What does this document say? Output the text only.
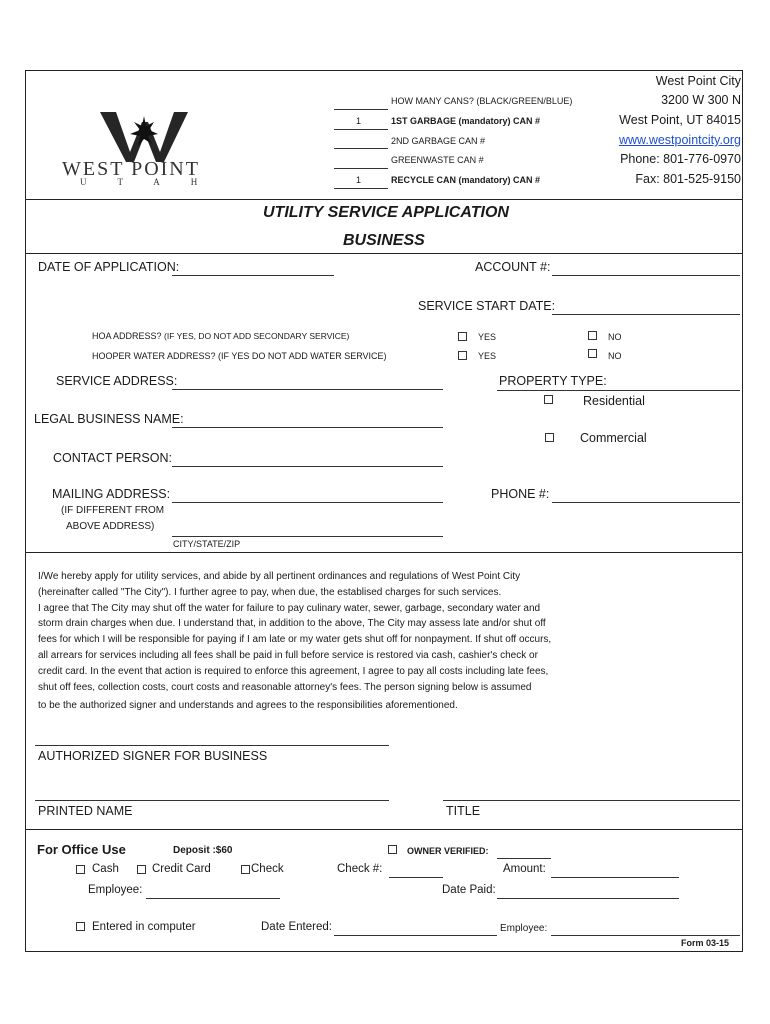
WEST POINT
UTAH
HOW MANY CANS? (BLACK/GREEN/BLUE)
1	1ST GARBAGE (mandatory) CAN #
2ND GARBAGE CAN #
GREENWASTE CAN #
1	RECYCLE CAN (mandatory) CAN #
West Point City
3200 W 300 N
West Point, UT 84015
www.westpointcity.org
Phone: 801-776-0970
Fax: 801-525-9150
UTILITY SERVICE APPLICATION
BUSINESS
DATE OF APPLICATION:	ACCOUNT #:
SERVICE START DATE:
HOA ADDRESS? (IF YES, DO NOT ADD SECONDARY SERVICE)	YES	NO
HOOPER WATER ADDRESS? (IF YES DO NOT ADD WATER SERVICE)	YES	NO
SERVICE ADDRESS:	PROPERTY TYPE:
Residential
LEGAL BUSINESS NAME:
Commercial
CONTACT PERSON:
MAILING ADDRESS:	PHONE #:
(IF DIFFERENT FROM
ABOVE ADDRESS)
CITY/STATE/ZIP
I/We hereby apply for utility services, and abide by all pertinent ordinances and regulations of West Point City
(hereinafter called "The City"). I further agree to pay, when due, the establised charges for such services.
I agree that The City may shut off the water for failure to pay culinary water, sewer, garbage, secondary water and
storm drain charges when due. I understand that, in addition to the above, The City may assess late and/or shut off
fees for which I will be responsible for paying if I am late or my water gets shut off for nonpayment. If shut off occurs,
all arrears for services including all fees shall be paid in full before service is restored via cash, cashier's check or
credit card. In the event that action is required to enforce this agreement, I agree to pay all costs including late fees,
shut off fees, collection costs, court costs and reasonable attorney's fees. The person signing below is assumed
to be the authorized signer and understands and agrees to the responsibilities aforementioned.
AUTHORIZED SIGNER FOR BUSINESS
PRINTED NAME	TITLE
For Office Use	Deposit :$60	OWNER VERIFIED:
Cash	Credit Card	Check	Check #:	Amount:
Employee:	Date Paid:
Entered in computer	Date Entered:	Employee:
Form 03-15
